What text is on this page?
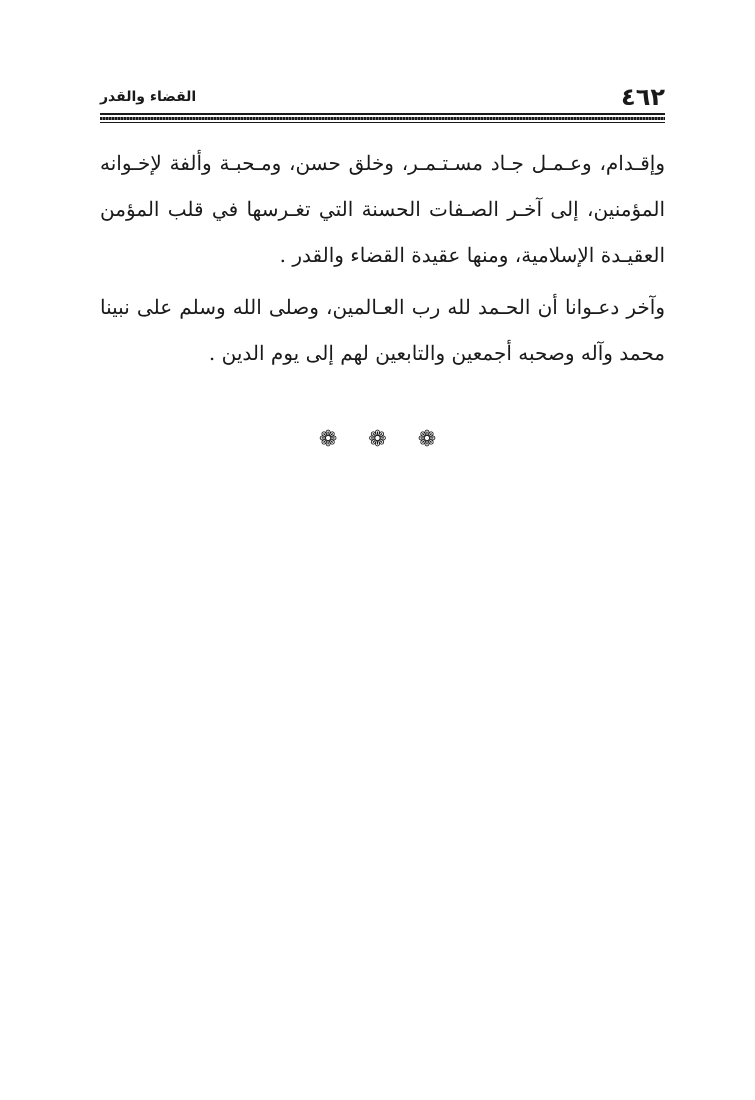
٤٦٢
القضاء والقدر

وإقـدام، وعـمـل جـاد مسـتـمـر، وخلق حسن، ومـحبـة وألفة لإخـوانه المؤمنين، إلى آخـر الصـفات الحسنة التي تغـرسها في قلب المؤمن العقيـدة الإسلامية، ومنها عقيدة القضاء والقدر .

وآخر دعـوانا أن الحـمد لله رب العـالمين، وصلى الله وسلم على نبينا محمد وآله وصحبه أجمعين والتابعين لهم إلى يوم الدين .

❁ ❁ ❁
